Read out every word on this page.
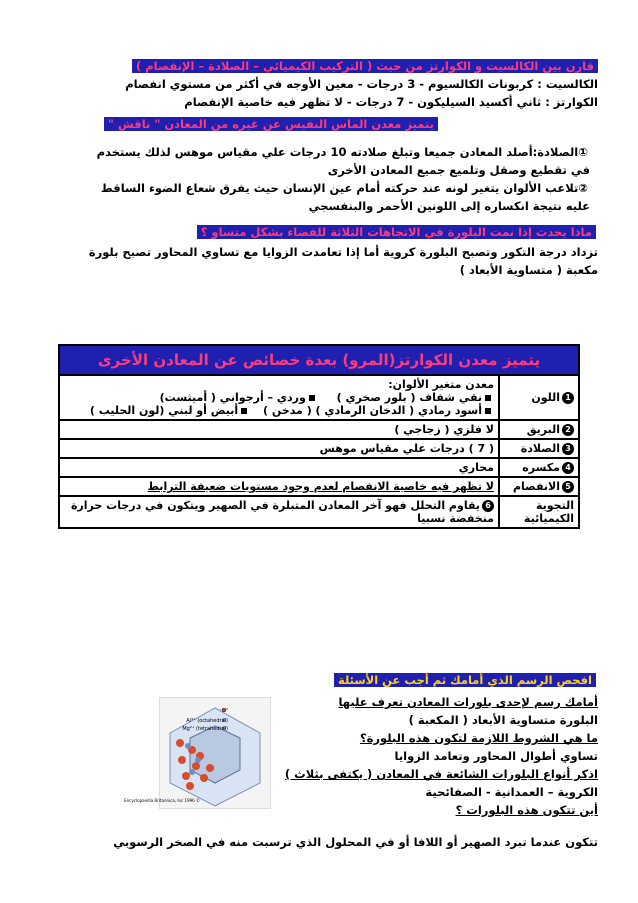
قارن بين الكالسيت و الكوارتز من حيث ( التركيب الكيميائي – الصلادة – الإنفصام )
الكالسيت : كربونات الكالسيوم - 3 درجات - معين الأوجه في أكثر من مستوي انفصام
الكوارتز : ثاني أكسيد السيليكون - 7 درجات - لا تظهر فيه خاصية الإنفصام
يتميز معدن الماس النفيس عن غيره من المعادن " ناقش "
①الصلادة:أصلد المعادن جميعا وتبلغ صلادته 10 درجات علي مقياس موهس لذلك يستخدم
في تقطيع وصقل وتلميع جميع المعادن الأخرى
②تلاعب الألوان يتغير لونه عند حركته أمام عين الإنسان حيث يفرق شعاع الضوء الساقط
عليه نتيجة انكساره إلى اللونين الأحمر والبنفسجي
ماذا يحدث إذا نمت البلورة في الاتجاهات الثلاثة للفضاء بشكل متساو ؟
تزداد درجة التكور وتصبح البلورة كروية أما إذا تعامدت الزوايا مع تساوي المحاور تصبح بلورة
مكعبة ( متساوية الأبعاد )
يتميز معدن الكوارتز(المرو) بعدة خصائص عن المعادن الأخرى	
1اللون	معدن متغير الألوان:
نقي شفاف ( بلور صخري ) وردي – أرجواني ( أميثست)
أسود رمادي ( الدخان الرمادي ) ( مدخن ) أبيض أو لبني (لون الحليب )

2البريق	لا فلزي ( زجاجي )
3الصلادة	( 7 ) درجات علي مقياس موهس
4مكسره	محاري
5الانفصام	لا تظهر فيه خاصية الانفصام لعدم وجود مستويات ضعيفة الترابط
التجوية الكيميائية	6يقاوم التحلل فهو آخر المعادن المتبلرة في الصهير ويتكون في درجات حرارة منخفضة نسبيا
افحص الرسم الذي أمامك ثم أجب عن الأسئلة
أمامك رسم لإحدى بلورات المعادن تعرف عليها
البلورة متساوية الأبعاد ( المكعبة )
ما هي الشروط اللازمة لتكون هذه البلورة؟
تساوي أطوال المحاور وتعامد الزوايا
اذكر أنواع البلورات الشائعة في المعادن ( يكتفى بثلاث )
الكروية – العمدانية - الصفائحية
أين تتكون هذه البلورات ؟
تتكون عندما تبرد الصهير أو اللافا أو في المحلول الذي ترسبت منه في الصخر الرسوبي
O²⁻
Al³⁺ (octahedral)
Mg²⁺ (tetrahedral)
© 1996 Encyclopaedia Britannica, Inc.
